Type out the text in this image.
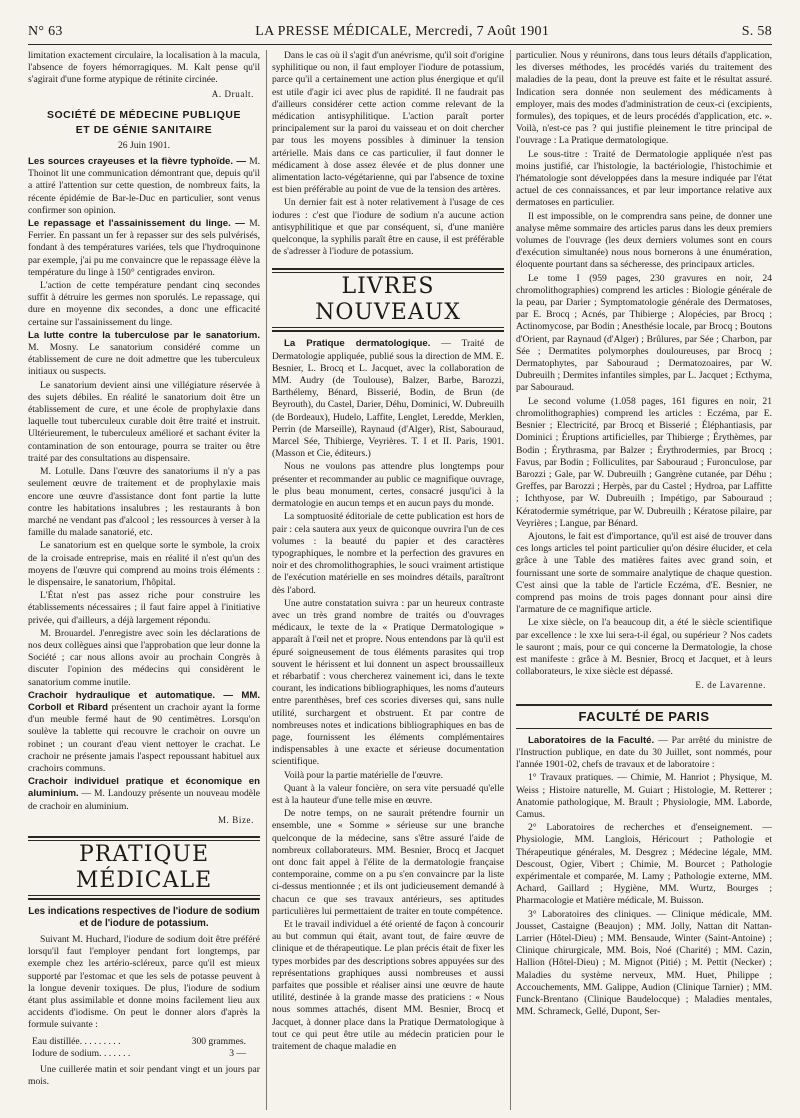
N° 63	LA PRESSE MÉDICALE, Mercredi, 7 Août 1901	S. 58

limitation exactement circulaire, la localisation à la macula, l'absence de foyers hémorragiques. M. Kalt pense qu'il s'agirait d'une forme atypique de rétinite circinée.

A. Drualt.
SOCIÉTÉ DE MÉDECINE PUBLIQUE
ET DE GÉNIE SANITAIRE
26 Juin 1901.

Les sources crayeuses et la fièvre typhoïde. — M. Thoinot lit une communication démontrant que, depuis qu'il a attiré l'attention sur cette question, de nombreux faits, la récente épidémie de Bar-le-Duc en particulier, sont venus confirmer son opinion.

Le repassage et l'assainissement du linge. — M. Ferrier. En passant un fer à repasser sur des sels pulvérisés, fondant à des températures variées, tels que l'hydroquinone par exemple, j'ai pu me convaincre que le repassage élève la température du linge à 150° centigrades environ.

L'action de cette température pendant cinq secondes suffit à détruire les germes non sporulés. Le repassage, qui dure en moyenne dix secondes, a donc une efficacité certaine sur l'assainissement du linge.

La lutte contre la tuberculose par le sanatorium. M. Mosny. Le sanatorium considéré comme un établissement de cure ne doit admettre que les tuberculeux initiaux ou suspects.

Le sanatorium devient ainsi une villégiature réservée à des sujets débiles. En réalité le sanatorium doit être un établissement de cure, et une école de prophylaxie dans laquelle tout tuberculeux curable doit être traité et instruit. Ultérieurement, le tuberculeux amélioré et sachant éviter la contamination de son entourage, pourra se traiter ou être traité par des consultations au dispensaire.

M. Lotulle. Dans l'œuvre des sanatoriums il n'y a pas seulement œuvre de traitement et de prophylaxie mais encore une œuvre d'assistance dont font partie la lutte contre les habitations insalubres ; les restaurants à bon marché ne vendant pas d'alcool ; les ressources à verser à la famille du malade sanatorié, etc.

Le sanatorium est en quelque sorte le symbole, la croix de la croisade entreprise, mais en réalité il n'est qu'un des moyens de l'œuvre qui comprend au moins trois éléments : le dispensaire, le sanatorium, l'hôpital.

L'État n'est pas assez riche pour construire les établissements nécessaires ; il faut faire appel à l'initiative privée, qui d'ailleurs, a déjà largement répondu.

M. Brouardel. J'enregistre avec soin les déclarations de nos deux collègues ainsi que l'approbation que leur donne la Société ; car nous allons avoir au prochain Congrès à discuter l'opinion des médecins qui considèrent le sanatorium comme inutile.

Crachoir hydraulique et automatique. — MM. Corboll et Ribard présentent un crachoir ayant la forme d'un meuble fermé haut de 90 centimètres. Lorsqu'on soulève la tablette qui recouvre le crachoir on ouvre un robinet ; un courant d'eau vient nettoyer le crachat. Le crachoir ne présente jamais l'aspect repoussant habituel aux crachoirs communs.

Crachoir individuel pratique et économique en aluminium. — M. Landouzy présente un nouveau modèle de crachoir en aluminium.

M. Bize.
PRATIQUE MÉDICALE
Les indications respectives de l'iodure de sodium et de l'iodure de potassium.

Suivant M. Huchard, l'iodure de sodium doit être préféré lorsqu'il faut l'employer pendant fort longtemps, par exemple chez les artério-scléreux, parce qu'il est mieux supporté par l'estomac et que les sels de potasse peuvent à la longue devenir toxiques. De plus, l'iodure de sodium étant plus assimilable et donne moins facilement lieu aux accidents d'iodisme. On peut le donner alors d'après la formule suivante :

Eau distillée. . . . . . . . .	300 grammes.
Iodure de sodium. . . . . . .	3 —

Une cuillerée matin et soir pendant vingt et un jours par mois.

Dans le cas où il s'agit d'un anévrisme, qu'il soit d'origine syphilitique ou non, il faut employer l'iodure de potassium, parce qu'il a certainement une action plus énergique et qu'il est utile d'agir ici avec plus de rapidité. Il ne faudrait pas d'ailleurs considérer cette action comme relevant de la médication antisyphilitique. L'action paraît porter principalement sur la paroi du vaisseau et on doit chercher par tous les moyens possibles à diminuer la tension artérielle. Mais dans ce cas particulier, il faut donner le médicament à dose assez élevée et de plus donner une alimentation lacto-végétarienne, qui par l'absence de toxine est bien préférable au point de vue de la tension des artères.

Un dernier fait est à noter relativement à l'usage de ces iodures : c'est que l'iodure de sodium n'a aucune action antisyphilitique et que par conséquent, si, d'une manière quelconque, la syphilis paraît être en cause, il est préférable de s'adresser à l'iodure de potassium.

LIVRES NOUVEAUX

La Pratique dermatologique. — Traité de Dermatologie appliquée, publié sous la direction de MM. E. Besnier, L. Brocq et L. Jacquet, avec la collaboration de MM. Audry (de Toulouse), Balzer, Barbe, Barozzi, Barthélemy, Bénard, Bisserié, Bodin, de Brun (de Beyrouth), du Castel, Darier, Déhu, Dominici, W. Dubreuilh (de Bordeaux), Hudelo, Laffite, Lenglet, Leredde, Merklen, Perrin (de Marseille), Raynaud (d'Alger), Rist, Sabouraud, Marcel Sée, Thibierge, Veyrières. T. I et II. Paris, 1901. (Masson et Cie, éditeurs.)

Nous ne voulons pas attendre plus longtemps pour présenter et recommander au public ce magnifique ouvrage, le plus beau monument, certes, consacré jusqu'ici à la dermatologie en aucun temps et en aucun pays du monde.

La somptuosité éditoriale de cette publication est hors de pair : cela sautera aux yeux de quiconque ouvrira l'un de ces volumes : la beauté du papier et des caractères typographiques, le nombre et la perfection des gravures en noir et des chromolithographies, le souci vraiment artistique de l'exécution matérielle en ses moindres détails, paraîtront dès l'abord.

Une autre constatation suivra : par un heureux contraste avec un très grand nombre de traités ou d'ouvrages médicaux, le texte de la « Pratique Dermatologique » apparaît à l'œil net et propre. Nous entendons par là qu'il est épuré soigneusement de tous éléments parasites qui trop souvent le hérissent et lui donnent un aspect broussailleux et rébarbatif : vous chercherez vainement ici, dans le texte courant, les indications bibliographiques, les noms d'auteurs entre parenthèses, bref ces scories diverses qui, sans nulle utilité, surchargent et obstruent. Et par contre de nombreuses notes et indications bibliographiques en bas de page, fournissent les éléments complémentaires indispensables à une exacte et sérieuse documentation scientifique.

Voilà pour la partie matérielle de l'œuvre.

Quant à la valeur foncière, on sera vite persuadé qu'elle est à la hauteur d'une telle mise en œuvre.

De notre temps, on ne saurait prétendre fournir un ensemble, une « Somme » sérieuse sur une branche quelconque de la médecine, sans s'être assuré l'aide de nombreux collaborateurs. MM. Besnier, Brocq et Jacquet ont donc fait appel à l'élite de la dermatologie française contemporaine, comme on a pu s'en convaincre par la liste ci-dessus mentionnée ; et ils ont judicieusement demandé à chacun ce que ses travaux antérieurs, ses aptitudes particulières lui permettaient de traiter en toute compétence.

Et le travail individuel a été orienté de façon à concourir au but commun qui était, avant tout, de faire œuvre de clinique et de thérapeutique. Le plan précis était de fixer les types morbides par des descriptions sobres appuyées sur des représentations graphiques aussi nombreuses et aussi parfaites que possible et réaliser ainsi une œuvre de haute utilité, destinée à la grande masse des praticiens : « Nous nous sommes attachés, disent MM. Besnier, Brocq et Jacquet, à donner place dans la Pratique Dermatologique à tout ce qui peut être utile au médecin praticien pour le traitement de chaque maladie en

particulier. Nous y réunirons, dans tous leurs détails d'application, les diverses méthodes, les procédés variés du traitement des maladies de la peau, dont la preuve est faite et le résultat assuré. Indication sera donnée non seulement des médicaments à employer, mais des modes d'administration de ceux-ci (excipients, formules), des topiques, et de leurs procédés d'application, etc. ». Voilà, n'est-ce pas ? qui justifie pleinement le titre principal de l'ouvrage : La Pratique dermatologique.

Le sous-titre : Traité de Dermatologie appliquée n'est pas moins justifié, car l'histologie, la bactériologie, l'histochimie et l'hématologie sont développées dans la mesure indiquée par l'état actuel de ces connaissances, et par leur importance relative aux dermatoses en particulier.

Il est impossible, on le comprendra sans peine, de donner une analyse même sommaire des articles parus dans les deux premiers volumes de l'ouvrage (les deux derniers volumes sont en cours d'exécution simultanée) nous nous bornerons à une énumération, éloquente pourtant dans sa sécheresse, des principaux articles.

Le tome I (959 pages, 230 gravures en noir, 24 chromolithographies) comprend les articles : Biologie générale de la peau, par Darier ; Symptomatologie générale des Dermatoses, par E. Brocq ; Acnés, par Thibierge ; Alopécies, par Brocq ; Actinomycose, par Bodin ; Anesthésie locale, par Brocq ; Boutons d'Orient, par Raynaud (d'Alger) ; Brûlures, par Sée ; Charbon, par Sée ; Dermatites polymorphes douloureuses, par Brocq ; Dermatophytes, par Sabouraud ; Dermatozoaires, par W. Dubreuilh ; Dermites infantiles simples, par L. Jacquet ; Ecthyma, par Sabouraud.

Le second volume (1.058 pages, 161 figures en noir, 21 chromolithographies) comprend les articles : Eczéma, par E. Besnier ; Electricité, par Brocq et Bisserié ; Éléphantiasis, par Dominici ; Éruptions artificielles, par Thibierge ; Érythèmes, par Bodin ; Érythrasma, par Balzer ; Érythrodermies, par Brocq ; Favus, par Bodin ; Folliculites, par Sabouraud ; Furonculose, par Barozzi ; Gale, par W. Dubreuilh ; Gangrène cutanée, par Déhu ; Greffes, par Barozzi ; Herpès, par du Castel ; Hydroa, par Laffitte ; Ichthyose, par W. Dubreuilh ; Impétigo, par Sabouraud ; Kératodermie symétrique, par W. Dubreuilh ; Kératose pilaire, par Veyrières ; Langue, par Bénard.

Ajoutons, le fait est d'importance, qu'il est aisé de trouver dans ces longs articles tel point particulier qu'on désire élucider, et cela grâce à une Table des matières faites avec grand soin, et fournissant une sorte de sommaire analytique de chaque question. C'est ainsi que la table de l'article Eczéma, d'E. Besnier, ne comprend pas moins de trois pages donnant pour ainsi dire l'armature de ce magnifique article.

Le xixe siècle, on l'a beaucoup dit, a été le siècle scientifique par excellence : le xxe lui sera-t-il égal, ou supérieur ? Nos cadets le sauront ; mais, pour ce qui concerne la Dermatologie, la chose est manifeste : grâce à M. Besnier, Brocq et Jacquet, et à leurs collaborateurs, le xixe siècle est dépassé.

E. de Lavarenne.
FACULTÉ DE PARIS

Laboratoires de la Faculté. — Par arrêté du ministre de l'Instruction publique, en date du 30 Juillet, sont nommés, pour l'année 1901-02, chefs de travaux et de laboratoire :

1° Travaux pratiques. — Chimie, M. Hanriot ; Physique, M. Weiss ; Histoire naturelle, M. Guiart ; Histologie, M. Retterer ; Anatomie pathologique, M. Brault ; Physiologie, MM. Laborde, Camus.

2° Laboratoires de recherches et d'enseignement. — Physiologie, MM. Langlois, Héricourt ; Pathologie et Thérapeutique générales, M. Desgrez ; Médecine légale, MM. Descoust, Ogier, Vibert ; Chimie, M. Bourcet ; Pathologie expérimentale et comparée, M. Lamy ; Pathologie externe, MM. Achard, Gaillard ; Hygiène, MM. Wurtz, Bourges ; Pharmacologie et Matière médicale, M. Buisson.

3° Laboratoires des cliniques. — Clinique médicale, MM. Jousset, Castaigne (Beaujon) ; MM. Jolly, Nattan dit Nattan-Larrier (Hôtel-Dieu) ; MM. Bensaude, Winter (Saint-Antoine) ; Clinique chirurgicale, MM. Bois, Noé (Charité) ; MM. Cazin, Hallion (Hôtel-Dieu) ; M. Mignot (Pitié) ; M. Pettit (Necker) ; Maladies du système nerveux, MM. Huet, Philippe ; Accouchements, MM. Galippe, Audion (Clinique Tarnier) ; MM. Funck-Brentano (Clinique Baudelocque) ; Maladies mentales, MM. Schrameck, Gellé, Dupont, Ser-
